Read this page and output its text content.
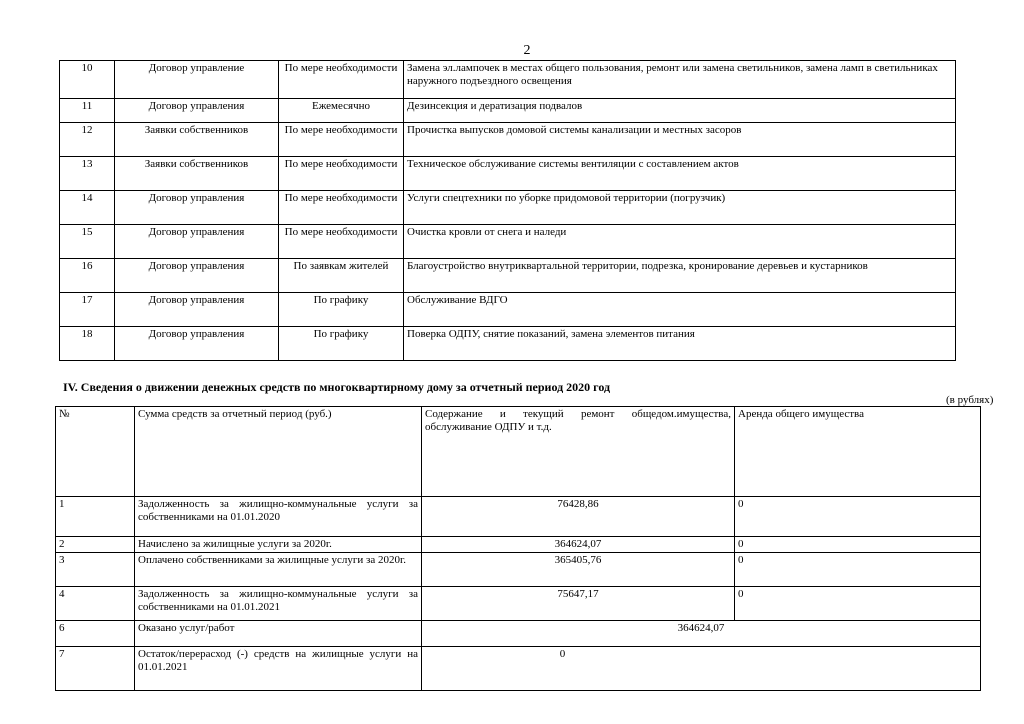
2
10	Договор управление	По мере необходимости	Замена эл.лампочек в местах общего пользования, ремонт или замена светильников, замена ламп в светильниках наружного подъездного освещения
11	Договор управления	Ежемесячно	Дезинсекция и дератизация подвалов
12	Заявки собственников	По мере необходимости	Прочистка выпусков домовой системы канализации и местных засоров
13	Заявки собственников	По мере необходимости	Техническое обслуживание системы вентиляции с составлением актов
14	Договор управления	По мере необходимости	Услуги спецтехники по уборке придомовой территории (погрузчик)
15	Договор управления	По мере необходимости	Очистка кровли от снега и наледи
16	Договор управления	По заявкам жителей	Благоустройство внутриквартальной территории, подрезка, кронирование деревьев и кустарников
17	Договор управления	По графику	Обслуживание ВДГО
18	Договор управления	По графику	Поверка ОДПУ, снятие показаний, замена элементов питания
IV. Сведения о движении денежных средств по многоквартирному дому за отчетный период 2020 год
(в рублях)
№	Сумма средств за отчетный период (руб.)	Содержание и текущий ремонт общедом.имущества, обслуживание ОДПУ и т.д.	Аренда общего имущества
1	Задолженность за жилищно-коммунальные услуги за собственниками на 01.01.2020	76428,86	0
2	Начислено за жилищные услуги за 2020г.	364624,07	0
3	Оплачено собственниками за жилищные услуги за 2020г.	365405,76	0
4	Задолженность за жилищно-коммунальные услуги за собственниками на 01.01.2021	75647,17	0
6	Оказано услуг/работ	364624,07	
7	Остаток/перерасход (-) средств на жилищные услуги на 01.01.2021	0	
